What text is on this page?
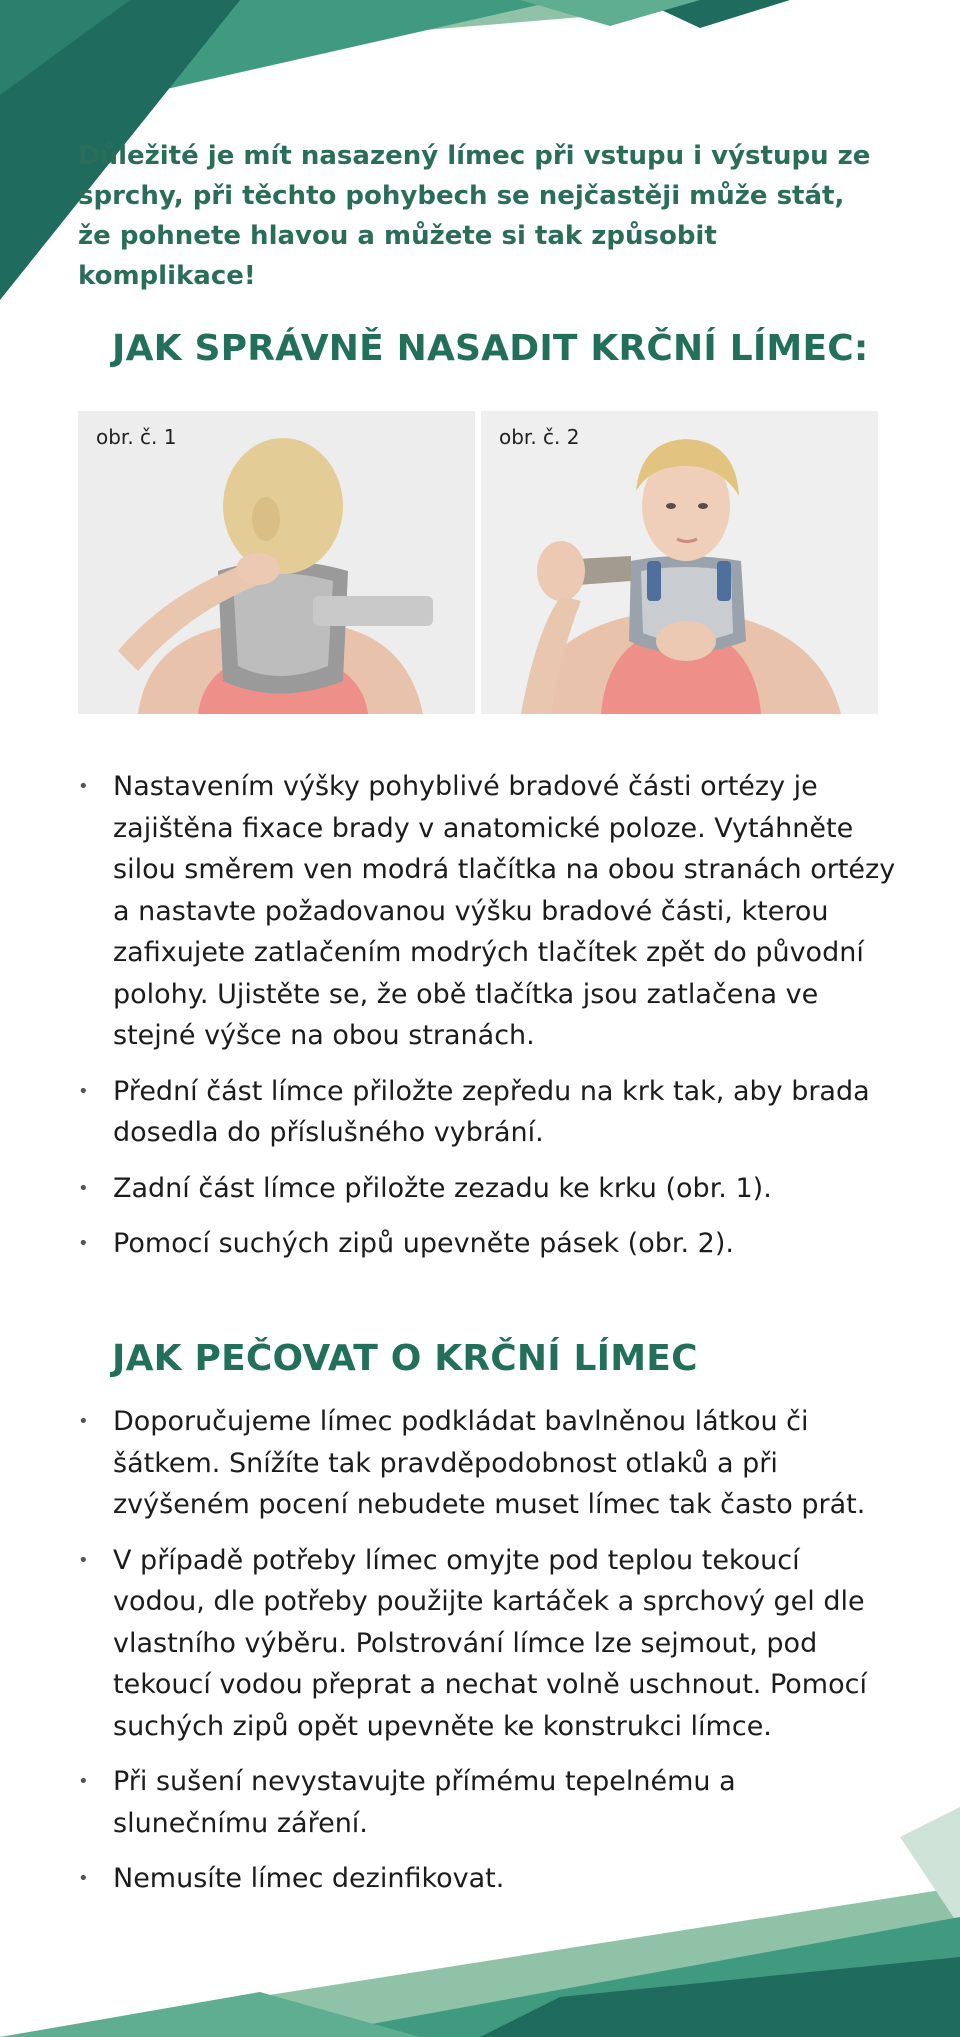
Důležité je mít nasazený límec při vstupu i výstupu ze sprchy, při těchto pohybech se nejčastěji může stát, že pohnete hlavou a můžete si tak způsobit komplikace!

JAK SPRÁVNĚ NASADIT KRČNÍ LÍMEC:
obr. č. 1	obr. č. 2
• Nastavením výšky pohyblivé bradové části ortézy je zajištěna fixace brady v anatomické poloze. Vytáhněte silou směrem ven modrá tlačítka na obou stranách ortézy a nastavte požadovanou výšku bradové části, kterou zafixujete zatlačením modrých tlačítek zpět do původní polohy. Ujistěte se, že obě tlačítka jsou zatlačena ve stejné výšce na obou stranách.
• Přední část límce přiložte zepředu na krk tak, aby brada dosedla do příslušného vybrání.
• Zadní část límce přiložte zezadu ke krku (obr. 1).
• Pomocí suchých zipů upevněte pásek (obr. 2).
JAK PEČOVAT O KRČNÍ LÍMEC
• Doporučujeme límec podkládat bavlněnou látkou či šátkem. Snížíte tak pravděpodobnost otlaků a při zvýšeném pocení nebudete muset límec tak často prát.
• V případě potřeby límec omyjte pod teplou tekoucí vodou, dle potřeby použijte kartáček a sprchový gel dle vlastního výběru. Polstrování límce lze sejmout, pod tekoucí vodou přeprat a nechat volně uschnout. Pomocí suchých zipů opět upevněte ke konstrukci límce.
• Při sušení nevystavujte přímému tepelnému a slunečnímu záření.
• Nemusíte límec dezinfikovat.
